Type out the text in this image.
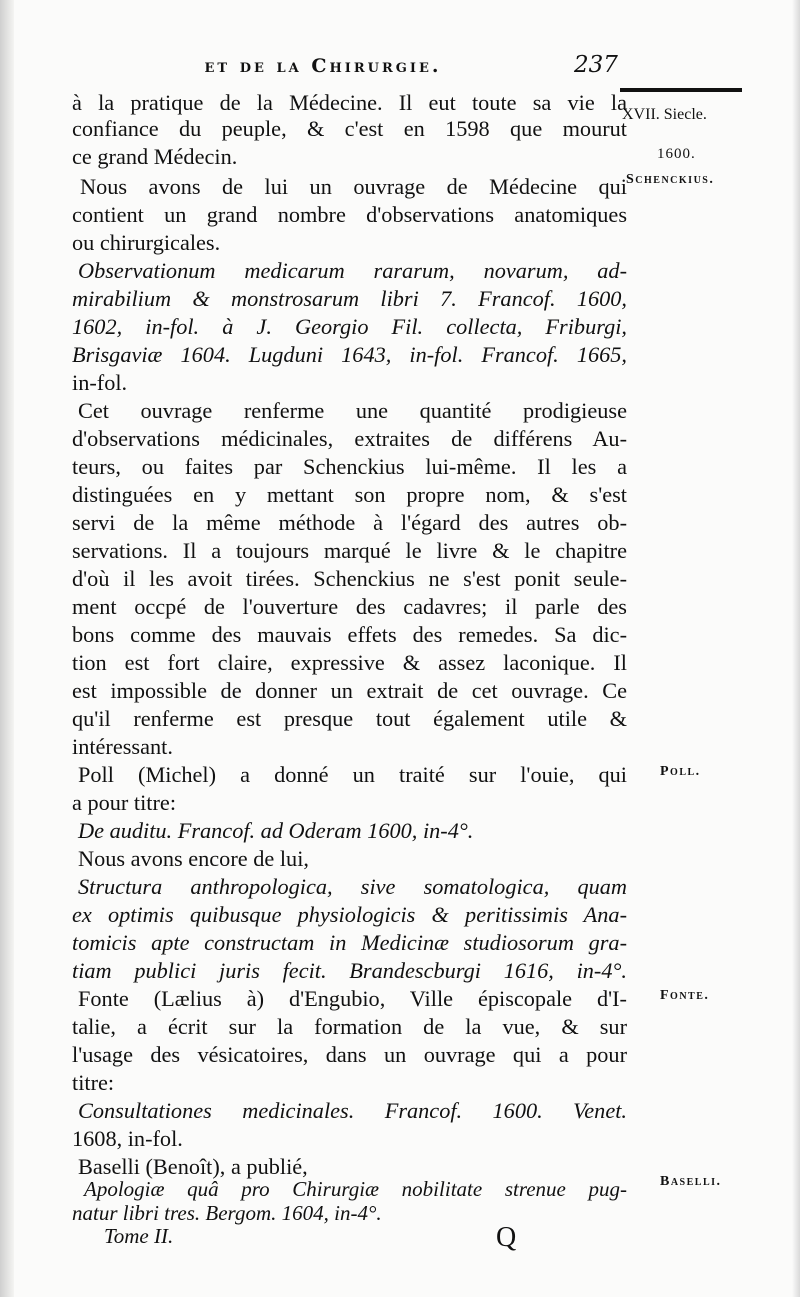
et de la Chirurgie.	237
XVII. Siecle.
1600.
Schenckius.
Poll.
Fonte.
Baselli.
à la pratique de la Médecine. Il eut toute sa vie la
confiance du peuple, & c'est en 1598 que mourut
ce grand Médecin.
Nous avons de lui un ouvrage de Médecine qui
contient un grand nombre d'observations anatomiques
ou chirurgicales.
Observationum medicarum rararum, novarum, ad-
mirabilium & monstrosarum libri 7. Francof. 1600,
1602, in-fol. à J. Georgio Fil. collecta, Friburgi,
Brisgaviæ 1604. Lugduni 1643, in-fol. Francof. 1665,
in-fol.
Cet ouvrage renferme une quantité prodigieuse
d'observations médicinales, extraites de différens Au-
teurs, ou faites par Schenckius lui-même. Il les a
distinguées en y mettant son propre nom, & s'est
servi de la même méthode à l'égard des autres ob-
servations. Il a toujours marqué le livre & le chapitre
d'où il les avoit tirées. Schenckius ne s'est ponit seule-
ment occpé de l'ouverture des cadavres; il parle des
bons comme des mauvais effets des remedes. Sa dic-
tion est fort claire, expressive & assez laconique. Il
est impossible de donner un extrait de cet ouvrage. Ce
qu'il renferme est presque tout également utile &
intéressant.
Poll (Michel) a donné un traité sur l'ouie, qui
a pour titre:
De auditu. Francof. ad Oderam 1600, in-4°.
Nous avons encore de lui,
Structura anthropologica, sive somatologica, quam
ex optimis quibusque physiologicis & peritissimis Ana-
tomicis apte constructam in Medicinæ studiosorum gra-
tiam publici juris fecit. Brandescburgi 1616, in-4°.
Fonte (Lælius à) d'Engubio, Ville épiscopale d'I-
talie, a écrit sur la formation de la vue, & sur
l'usage des vésicatoires, dans un ouvrage qui a pour
titre:
Consultationes medicinales. Francof. 1600. Venet.
1608, in-fol.
Baselli (Benoît), a publié,
Apologiæ quâ pro Chirurgiæ nobilitate strenue pug-
natur libri tres. Bergom. 1604, in-4°.
Tome II.	Q
